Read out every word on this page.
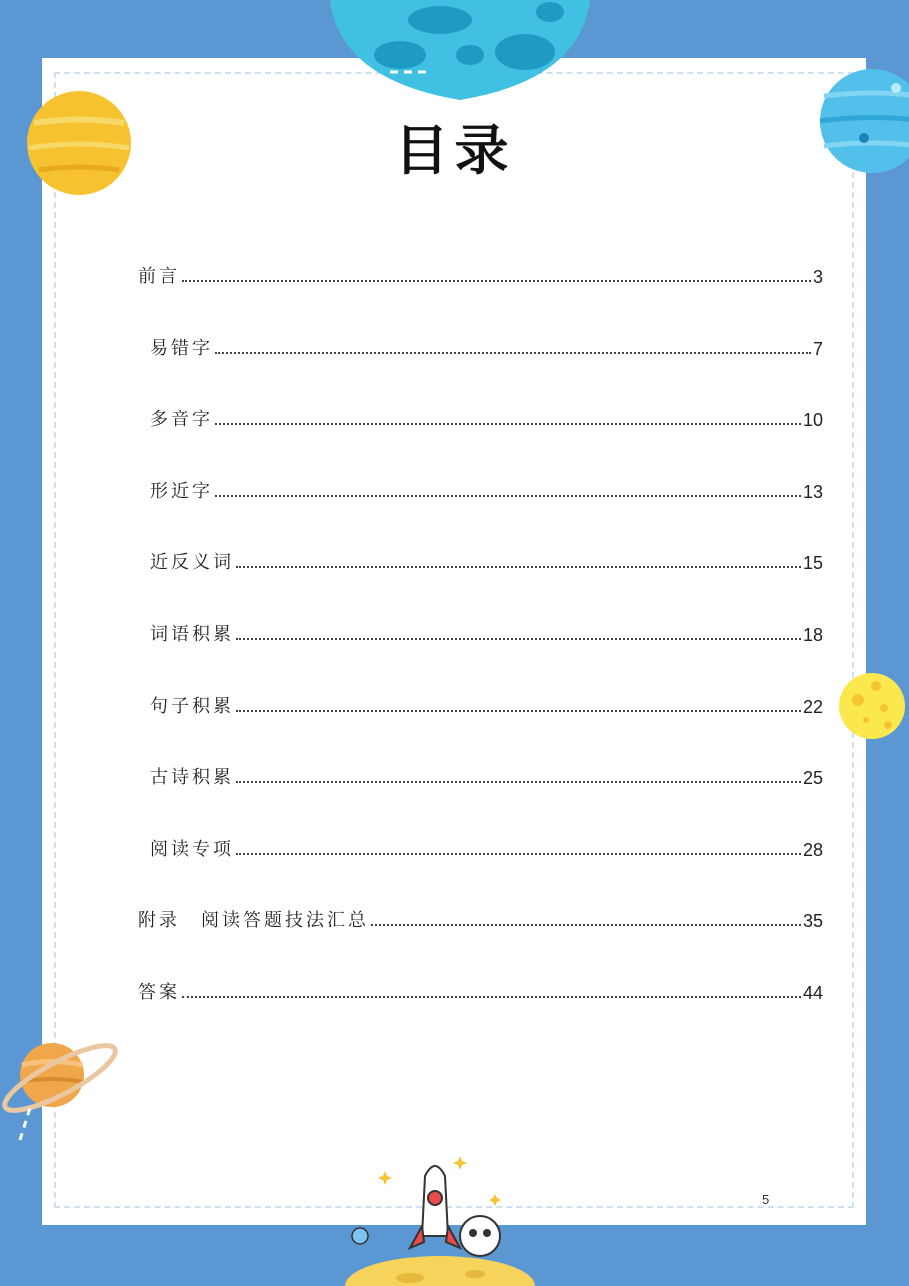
目录
前言	3
易错字	7
多音字	10
形近字	13
近反义词	15
词语积累	18
句子积累	22
古诗积累	25
阅读专项	28
附录　阅读答题技法汇总	35
答案	44
5
